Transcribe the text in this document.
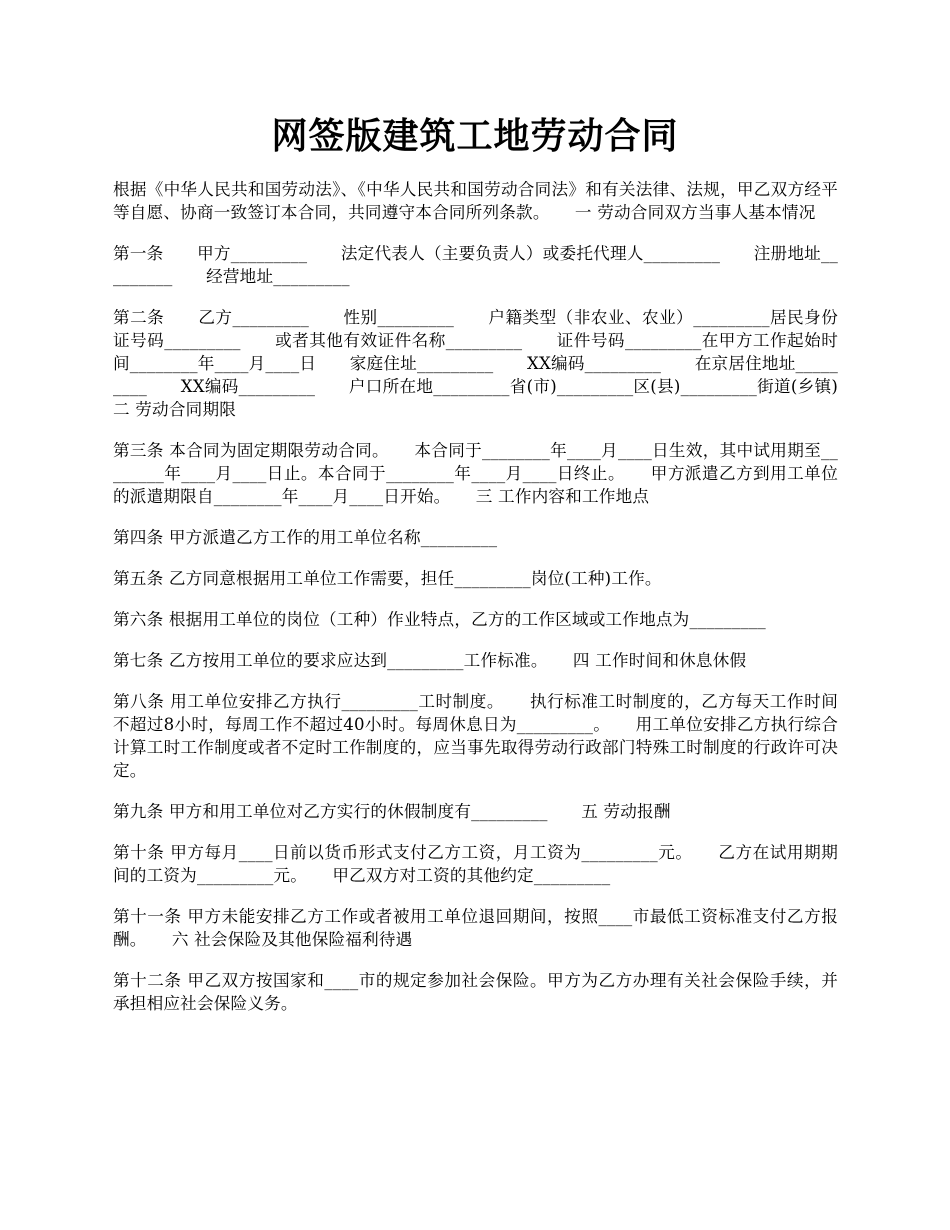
网签版建筑工地劳动合同

根据《中华人民共和国劳动法》、《中华人民共和国劳动合同法》和有关法律、法规，甲乙双方经平等自愿、协商一致签订本合同，共同遵守本合同所列条款。　　一 劳动合同双方当事人基本情况

第一条　　甲方_________　　法定代表人（主要负责人）或委托代理人_________　　注册地址_________　　经营地址_________

第二条　　乙方_________　　性别_________　　户籍类型（非农业、农业）_________居民身份证号码_________　　或者其他有效证件名称_________　　证件号码_________在甲方工作起始时间________年____月____日　　家庭住址_________　　XX编码_________　　在京居住地址_________　　XX编码_________　　户口所在地_________省(市)_________区(县)_________街道(乡镇)　　二 劳动合同期限

第三条 本合同为固定期限劳动合同。　　本合同于________年____月____日生效，其中试用期至________年____月____日止。本合同于________年____月____日终止。　　甲方派遣乙方到用工单位的派遣期限自________年____月____日开始。　　三 工作内容和工作地点

第四条 甲方派遣乙方工作的用工单位名称_________

第五条 乙方同意根据用工单位工作需要，担任_________岗位(工种)工作。

第六条 根据用工单位的岗位（工种）作业特点，乙方的工作区域或工作地点为_________

第七条 乙方按用工单位的要求应达到_________工作标准。　　四 工作时间和休息休假

第八条 用工单位安排乙方执行_________工时制度。　　执行标准工时制度的，乙方每天工作时间不超过8小时，每周工作不超过40小时。每周休息日为_________。　　用工单位安排乙方执行综合计算工时工作制度或者不定时工作制度的，应当事先取得劳动行政部门特殊工时制度的行政许可决定。

第九条 甲方和用工单位对乙方实行的休假制度有_________　　五 劳动报酬

第十条 甲方每月____日前以货币形式支付乙方工资，月工资为_________元。　　乙方在试用期期间的工资为_________元。　　甲乙双方对工资的其他约定_________

第十一条 甲方未能安排乙方工作或者被用工单位退回期间，按照____市最低工资标准支付乙方报酬。　　六 社会保险及其他保险福利待遇

第十二条 甲乙双方按国家和____市的规定参加社会保险。甲方为乙方办理有关社会保险手续，并承担相应社会保险义务。
